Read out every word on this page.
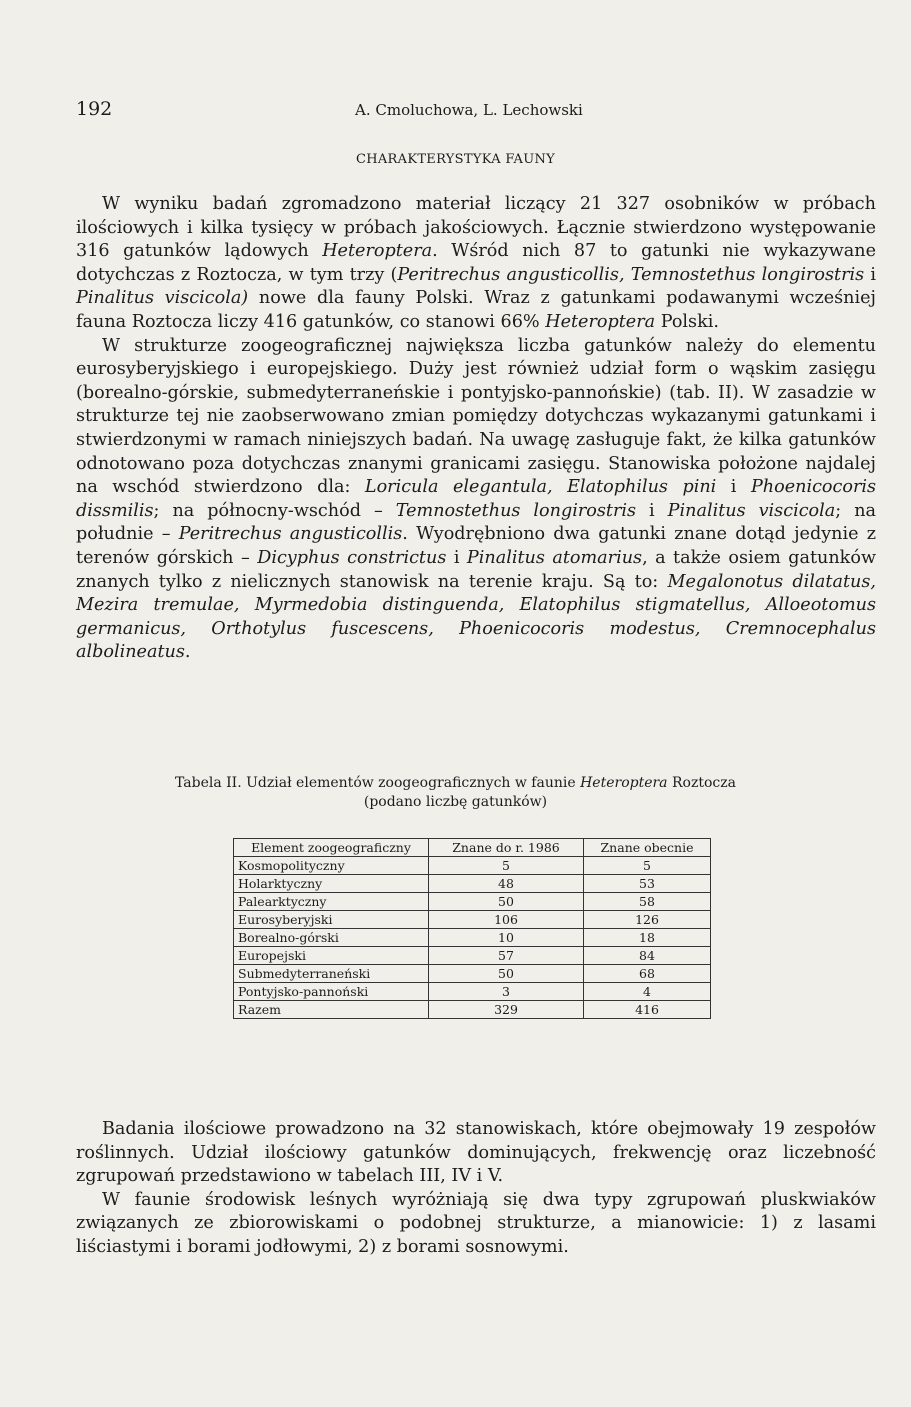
192	A. Cmoluchowa, L. Lechowski
CHARAKTERYSTYKA FAUNY

W wyniku badań zgromadzono materiał liczący 21 327 osobników w próbach ilościowych i kilka tysięcy w próbach jakościowych. Łącznie stwierdzono występowanie 316 gatunków lądowych Heteroptera. Wśród nich 87 to gatunki nie wykazywane dotychczas z Roztocza, w tym trzy (Peritrechus angusticollis, Temnostethus longirostris i Pinalitus viscicola) nowe dla fauny Polski. Wraz z gatunkami podawanymi wcześniej fauna Roztocza liczy 416 gatunków, co stanowi 66% Heteroptera Polski.

W strukturze zoogeograficznej największa liczba gatunków należy do elementu eurosyberyjskiego i europejskiego. Duży jest również udział form o wąskim zasięgu (borealno-górskie, submedyterraneńskie i pontyjsko-pannońskie) (tab. II). W zasadzie w strukturze tej nie zaobserwowano zmian pomiędzy dotychczas wykazanymi gatunkami i stwierdzonymi w ramach niniejszych badań. Na uwagę zasługuje fakt, że kilka gatunków odnotowano poza dotychczas znanymi granicami zasięgu. Stanowiska położone najdalej na wschód stwierdzono dla: Loricula elegantula, Elatophilus pini i Phoenicocoris dissmilis; na północny-wschód – Temnostethus longirostris i Pinalitus viscicola; na południe – Peritrechus angusticollis. Wyodrębniono dwa gatunki znane dotąd jedynie z terenów górskich – Dicyphus constrictus i Pinalitus atomarius, a także osiem gatunków znanych tylko z nielicznych stanowisk na terenie kraju. Są to: Megalonotus dilatatus, Mezira tremulae, Myrmedobia distinguenda, Elatophilus stigmatellus, Alloeotomus germanicus, Orthotylus fuscescens, Phoenicocoris modestus, Cremnocephalus albolineatus.

Tabela II. Udział elementów zoogeograficznych w faunie Heteroptera Roztocza
(podano liczbę gatunków)
Element zoogeograficzny	Znane do r. 1986	Znane obecnie
Kosmopolityczny	5	5
Holarktyczny	48	53
Palearktyczny	50	58
Eurosyberyjski	106	126
Borealno-górski	10	18
Europejski	57	84
Submedyterraneński	50	68
Pontyjsko-pannoński	3	4
Razem	329	416

Badania ilościowe prowadzono na 32 stanowiskach, które obejmowały 19 zespołów roślinnych. Udział ilościowy gatunków dominujących, frekwencję oraz liczebność zgrupowań przedstawiono w tabelach III, IV i V.

W faunie środowisk leśnych wyróżniają się dwa typy zgrupowań pluskwiaków związanych ze zbiorowiskami o podobnej strukturze, a mianowicie: 1) z lasami liściastymi i borami jodłowymi, 2) z borami sosnowymi.
